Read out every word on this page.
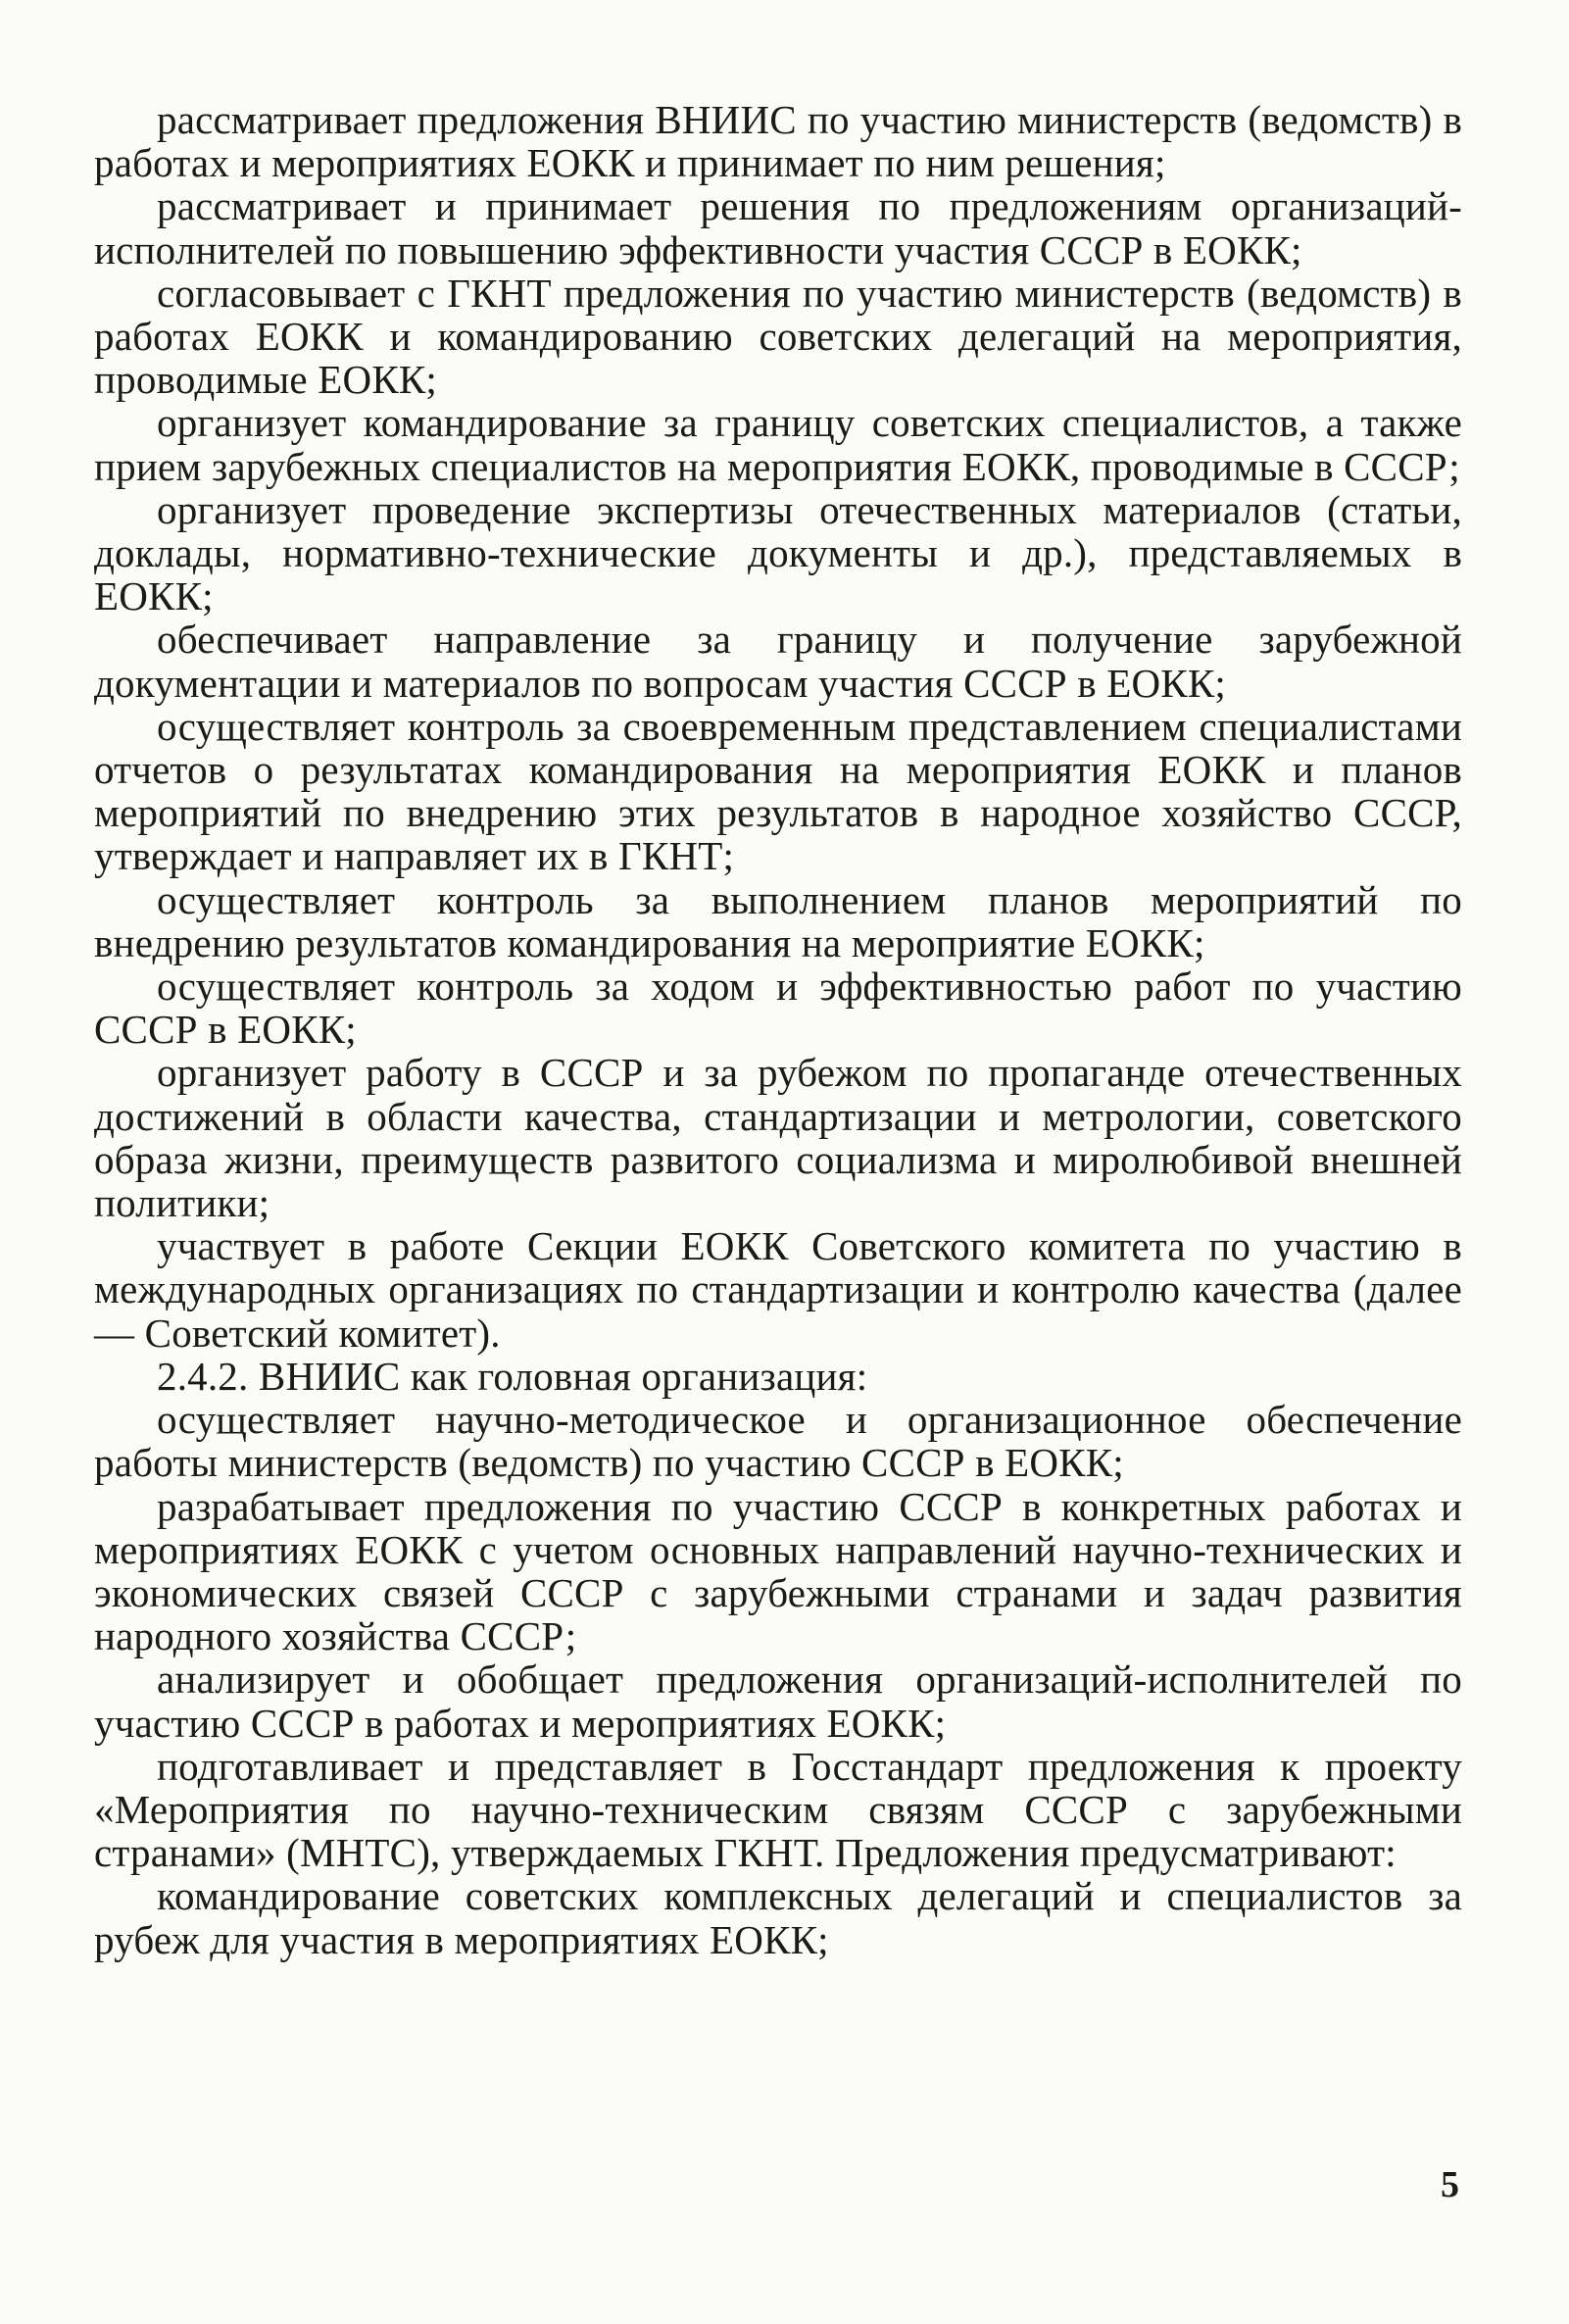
рассматривает предложения ВНИИС по участию министерств (ведомств) в работах и мероприятиях ЕОКК и принимает по ним решения;

рассматривает и принимает решения по предложениям организаций-исполнителей по повышению эффективности участия СССР в ЕОКК;

согласовывает с ГКНТ предложения по участию министерств (ведомств) в работах ЕОКК и командированию советских делегаций на мероприятия, проводимые ЕОКК;

организует командирование за границу советских специалистов, а также прием зарубежных специалистов на мероприятия ЕОКК, проводимые в СССР;

организует проведение экспертизы отечественных материалов (статьи, доклады, нормативно-технические документы и др.), представляемых в ЕОКК;

обеспечивает направление за границу и получение зарубежной документации и материалов по вопросам участия СССР в ЕОКК;

осуществляет контроль за своевременным представлением специалистами отчетов о результатах командирования на мероприятия ЕОКК и планов мероприятий по внедрению этих результатов в народное хозяйство СССР, утверждает и направляет их в ГКНТ;

осуществляет контроль за выполнением планов мероприятий по внедрению результатов командирования на мероприятие ЕОКК;

осуществляет контроль за ходом и эффективностью работ по участию СССР в ЕОКК;

организует работу в СССР и за рубежом по пропаганде отечественных достижений в области качества, стандартизации и метрологии, советского образа жизни, преимуществ развитого социализма и миролюбивой внешней политики;

участвует в работе Секции ЕОКК Советского комитета по участию в международных организациях по стандартизации и контролю качества (далее — Советский комитет).

2.4.2. ВНИИС как головная организация:

осуществляет научно-методическое и организационное обеспечение работы министерств (ведомств) по участию СССР в ЕОКК;

разрабатывает предложения по участию СССР в конкретных работах и мероприятиях ЕОКК с учетом основных направлений научно-технических и экономических связей СССР с зарубежными странами и задач развития народного хозяйства СССР;

анализирует и обобщает предложения организаций-исполнителей по участию СССР в работах и мероприятиях ЕОКК;

подготавливает и представляет в Госстандарт предложения к проекту «Мероприятия по научно-техническим связям СССР с зарубежными странами» (МНТС), утверждаемых ГКНТ. Предложения предусматривают:

командирование советских комплексных делегаций и специалистов за рубеж для участия в мероприятиях ЕОКК;

5
